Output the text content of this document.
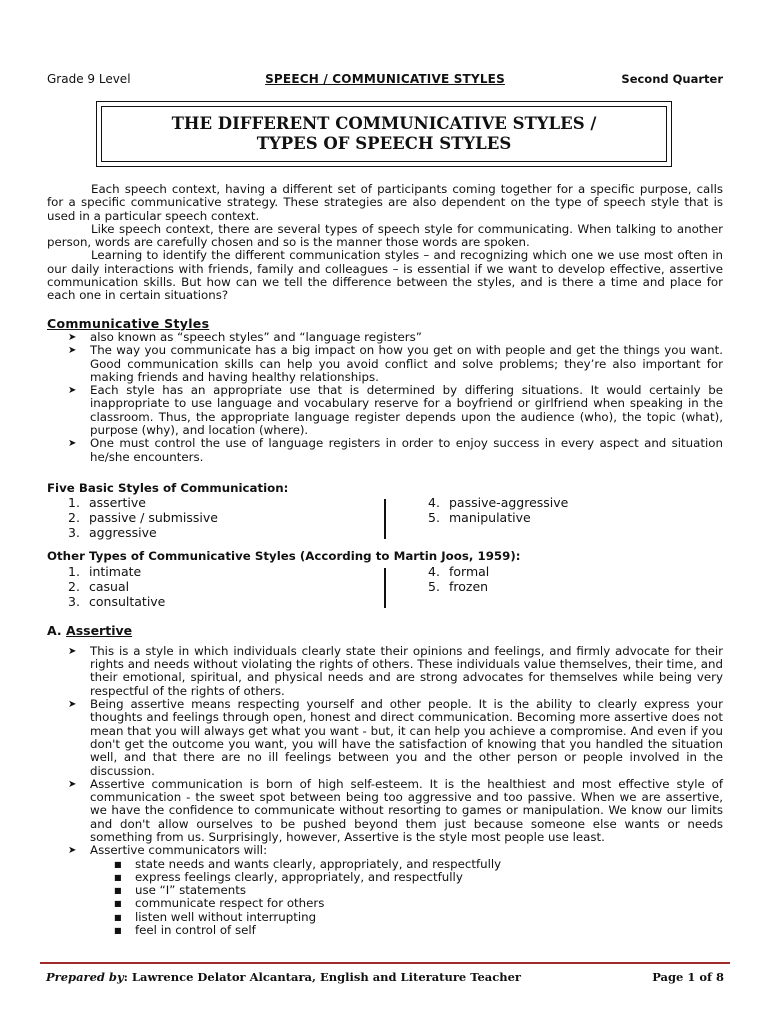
Grade 9 Level	SPEECH / COMMUNICATIVE STYLES	Second Quarter
THE DIFFERENT COMMUNICATIVE STYLES /
TYPES OF SPEECH STYLES

Each speech context, having a different set of participants coming together for a specific purpose, calls for a specific communicative strategy. These strategies are also dependent on the type of speech style that is used in a particular speech context.

Like speech context, there are several types of speech style for communicating. When talking to another person, words are carefully chosen and so is the manner those words are spoken.

Learning to identify the different communication styles – and recognizing which one we use most often in our daily interactions with friends, family and colleagues – is essential if we want to develop effective, assertive communication skills. But how can we tell the difference between the styles, and is there a time and place for each one in certain situations?

Communicative Styles
➤ also known as “speech styles” and “language registers”
➤ The way you communicate has a big impact on how you get on with people and get the things you want. Good communication skills can help you avoid conflict and solve problems; they’re also important for making friends and having healthy relationships.
➤ Each style has an appropriate use that is determined by differing situations. It would certainly be inappropriate to use language and vocabulary reserve for a boyfriend or girlfriend when speaking in the classroom. Thus, the appropriate language register depends upon the audience (who), the topic (what), purpose (why), and location (where).
➤ One must control the use of language registers in order to enjoy success in every aspect and situation he/she encounters.
Five Basic Styles of Communication:
1. assertive
2. passive / submissive
3. aggressive
4. passive-aggressive
5. manipulative
Other Types of Communicative Styles (According to Martin Joos, 1959):
1. intimate
2. casual
3. consultative
4. formal
5. frozen
A. Assertive
➤ This is a style in which individuals clearly state their opinions and feelings, and firmly advocate for their rights and needs without violating the rights of others. These individuals value themselves, their time, and their emotional, spiritual, and physical needs and are strong advocates for themselves while being very respectful of the rights of others.
➤ Being assertive means respecting yourself and other people. It is the ability to clearly express your thoughts and feelings through open, honest and direct communication. Becoming more assertive does not mean that you will always get what you want - but, it can help you achieve a compromise. And even if you don't get the outcome you want, you will have the satisfaction of knowing that you handled the situation well, and that there are no ill feelings between you and the other person or people involved in the discussion.
➤ Assertive communication is born of high self-esteem. It is the healthiest and most effective style of communication - the sweet spot between being too aggressive and too passive. When we are assertive, we have the confidence to communicate without resorting to games or manipulation. We know our limits and don't allow ourselves to be pushed beyond them just because someone else wants or needs something from us. Surprisingly, however, Assertive is the style most people use least.
➤ Assertive communicators will:
■ state needs and wants clearly, appropriately, and respectfully
■ express feelings clearly, appropriately, and respectfully
■ use “I” statements
■ communicate respect for others
■ listen well without interrupting
■ feel in control of self
Prepared by: Lawrence Delator Alcantara, English and Literature Teacher	Page 1 of 8
